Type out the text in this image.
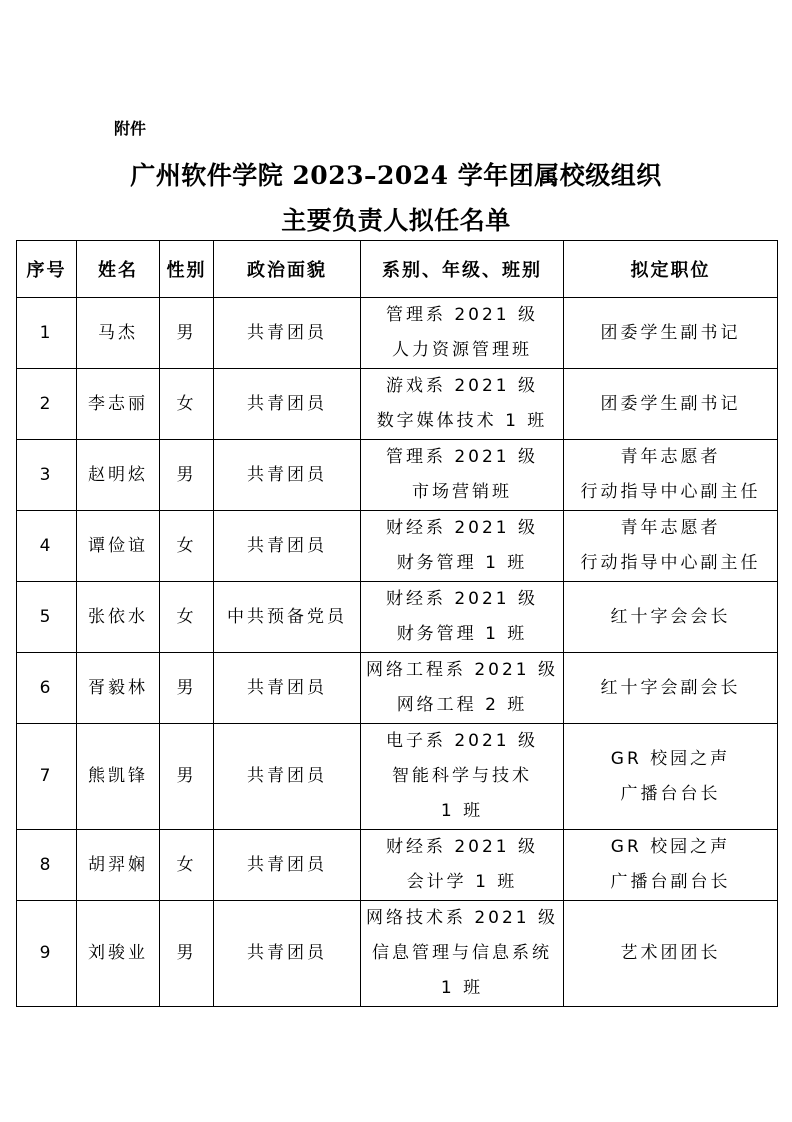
附件
广州软件学院 2023–2024 学年团属校级组织
主要负责人拟任名单
序号	姓名	性别	政治面貌	系别、年级、班别	拟定职位
1	马杰	男	共青团员	管理系 2021 级
人力资源管理班	团委学生副书记

2	李志丽	女	共青团员	游戏系 2021 级
数字媒体技术 1 班	团委学生副书记

3	赵明炫	男	共青团员	管理系 2021 级
市场营销班	青年志愿者
行动指导中心副主任

4	谭俭谊	女	共青团员	财经系 2021 级
财务管理 1 班	青年志愿者
行动指导中心副主任

5	张依水	女	中共预备党员	财经系 2021 级
财务管理 1 班	红十字会会长

6	胥毅林	男	共青团员	网络工程系 2021 级
网络工程 2 班	红十字会副会长

7	熊凯锋	男	共青团员	电子系 2021 级
智能科学与技术
1 班	GR 校园之声
广播台台长

8	胡羿娴	女	共青团员	财经系 2021 级
会计学 1 班	GR 校园之声
广播台副台长

9	刘骏业	男	共青团员	网络技术系 2021 级
信息管理与信息系统
1 班	艺术团团长
